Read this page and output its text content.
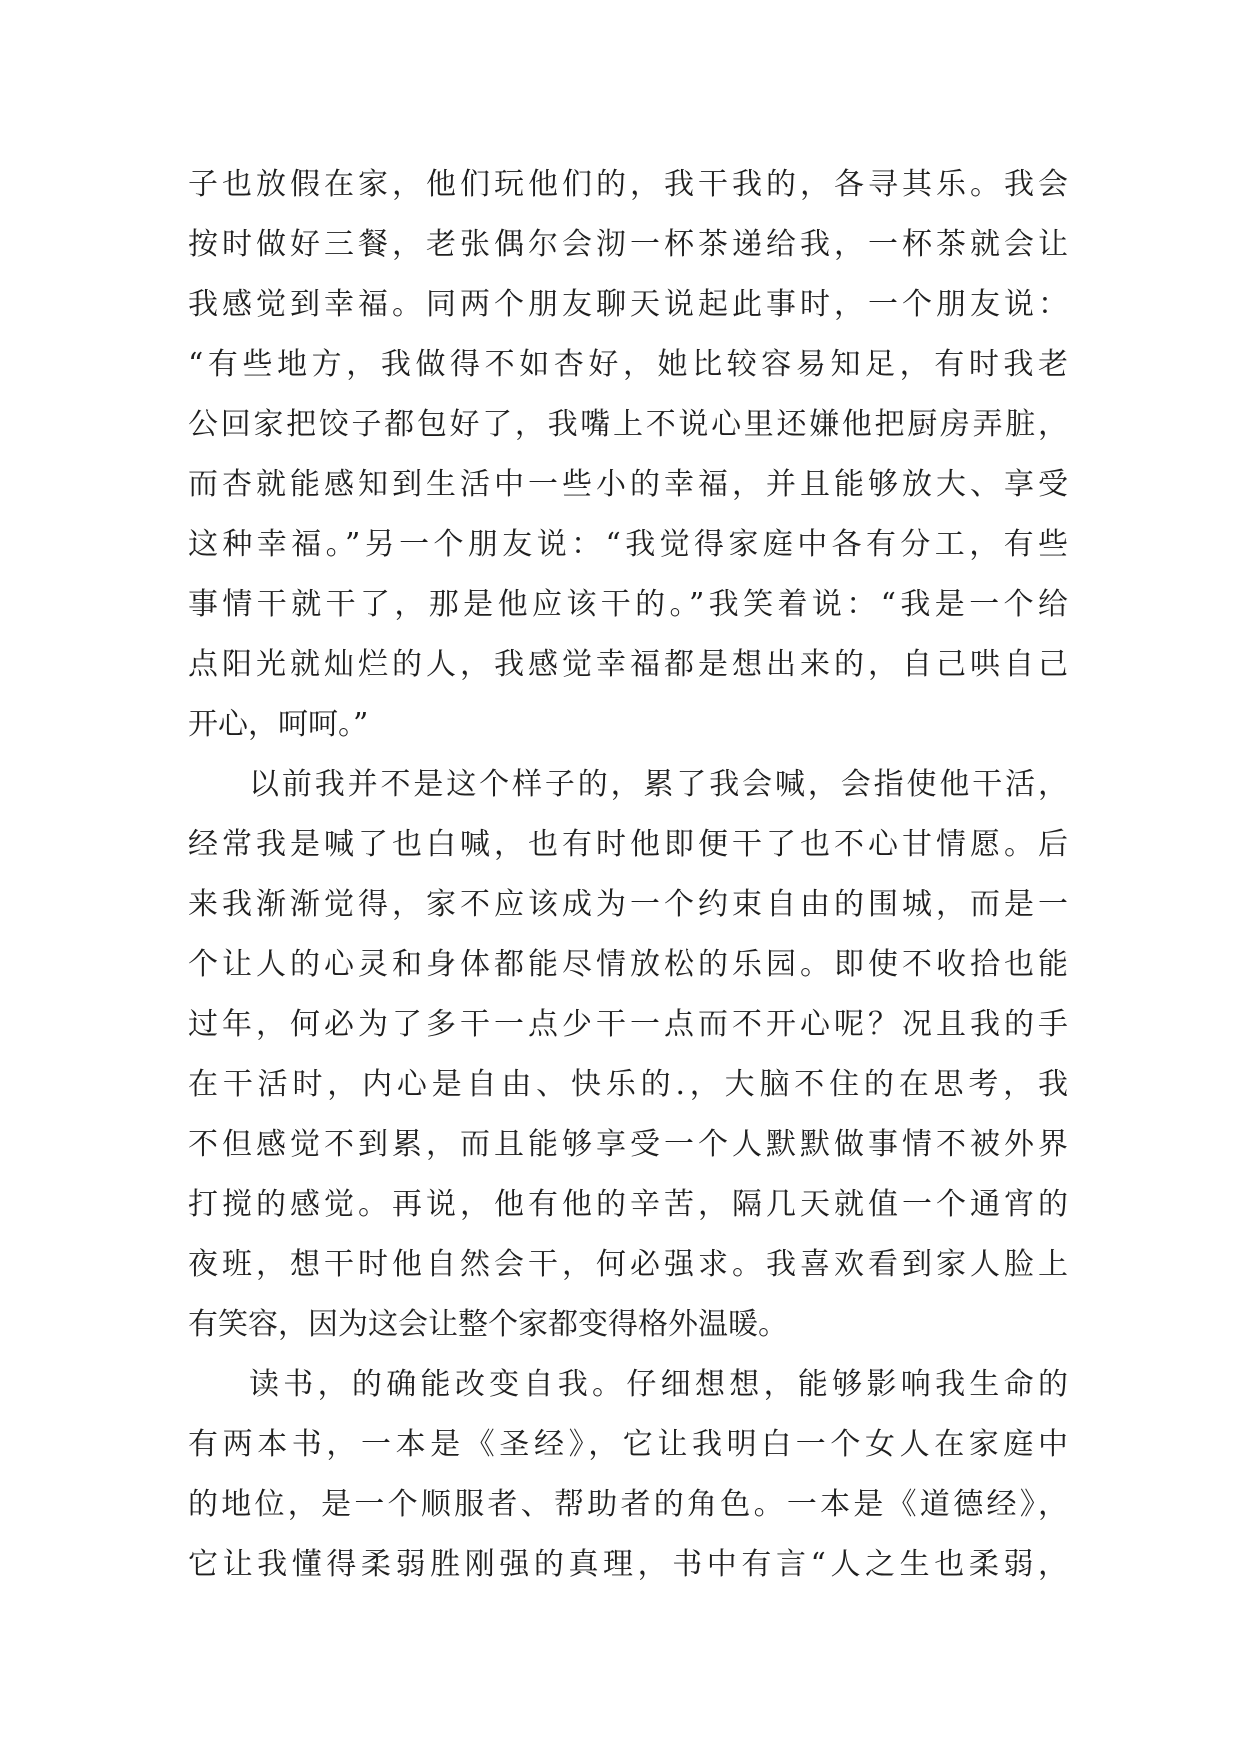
子也放假在家，他们玩他们的，我干我的，各寻其乐。我会
按时做好三餐，老张偶尔会沏一杯茶递给我，一杯茶就会让
我感觉到幸福。同两个朋友聊天说起此事时，一个朋友说：
“有些地方，我做得不如杏好，她比较容易知足，有时我老
公回家把饺子都包好了，我嘴上不说心里还嫌他把厨房弄脏，
而杏就能感知到生活中一些小的幸福，并且能够放大、享受
这种幸福。”另一个朋友说：“我觉得家庭中各有分工，有些
事情干就干了，那是他应该干的。”我笑着说：“我是一个给
点阳光就灿烂的人，我感觉幸福都是想出来的，自己哄自己
开心，呵呵。”
以前我并不是这个样子的，累了我会喊，会指使他干活，
经常我是喊了也白喊，也有时他即便干了也不心甘情愿。后
来我渐渐觉得，家不应该成为一个约束自由的围城，而是一
个让人的心灵和身体都能尽情放松的乐园。即使不收拾也能
过年，何必为了多干一点少干一点而不开心呢？况且我的手
在干活时，内心是自由、快乐的.，大脑不住的在思考，我
不但感觉不到累，而且能够享受一个人默默做事情不被外界
打搅的感觉。再说，他有他的辛苦，隔几天就值一个通宵的
夜班，想干时他自然会干，何必强求。我喜欢看到家人脸上
有笑容，因为这会让整个家都变得格外温暖。
读书，的确能改变自我。仔细想想，能够影响我生命的
有两本书，一本是《圣经》，它让我明白一个女人在家庭中
的地位，是一个顺服者、帮助者的角色。一本是《道德经》，
它让我懂得柔弱胜刚强的真理，书中有言“人之生也柔弱，
